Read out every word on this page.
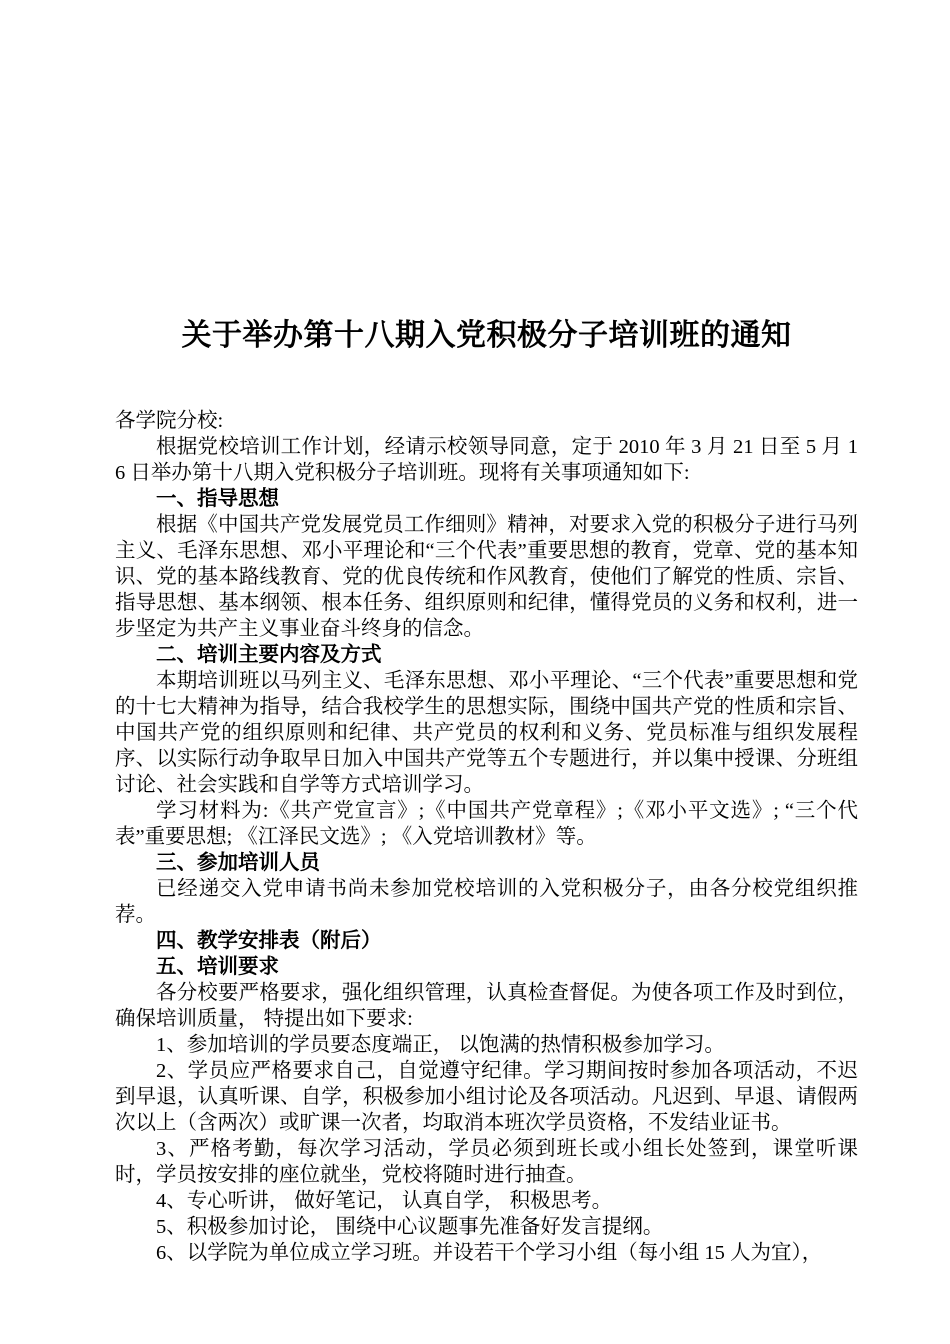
关于举办第十八期入党积极分子培训班的通知

各学院分校:

根据党校培训工作计划，经请示校领导同意，定于 2010 年 3 月 21 日至 5 月 16 日举办第十八期入党积极分子培训班。现将有关事项通知如下:

一、指导思想

根据《中国共产党发展党员工作细则》精神，对要求入党的积极分子进行马列主义、毛泽东思想、邓小平理论和“三个代表”重要思想的教育，党章、党的基本知识、党的基本路线教育、党的优良传统和作风教育，使他们了解党的性质、宗旨、指导思想、基本纲领、根本任务、组织原则和纪律，懂得党员的义务和权利，进一步坚定为共产主义事业奋斗终身的信念。

二、培训主要内容及方式

本期培训班以马列主义、毛泽东思想、邓小平理论、“三个代表”重要思想和党的十七大精神为指导，结合我校学生的思想实际，围绕中国共产党的性质和宗旨、中国共产党的组织原则和纪律、共产党员的权利和义务、党员标准与组织发展程序、以实际行动争取早日加入中国共产党等五个专题进行，并以集中授课、分班组讨论、社会实践和自学等方式培训学习。

学习材料为:《共产党宣言》;《中国共产党章程》;《邓小平文选》; “三个代表”重要思想; 《江泽民文选》; 《入党培训教材》等。

三、参加培训人员

已经递交入党申请书尚未参加党校培训的入党积极分子，由各分校党组织推荐。

四、教学安排表（附后）

五、培训要求

各分校要严格要求，强化组织管理，认真检查督促。为使各项工作及时到位， 确保培训质量， 特提出如下要求:

1、参加培训的学员要态度端正， 以饱满的热情积极参加学习。

2、学员应严格要求自己，自觉遵守纪律。学习期间按时参加各项活动，不迟到早退，认真听课、自学，积极参加小组讨论及各项活动。凡迟到、早退、请假两次以上（含两次）或旷课一次者，均取消本班次学员资格，不发结业证书。

3、严格考勤，每次学习活动，学员必须到班长或小组长处签到，课堂听课时，学员按安排的座位就坐，党校将随时进行抽查。

4、专心听讲， 做好笔记， 认真自学， 积极思考。

5、积极参加讨论， 围绕中心议题事先准备好发言提纲。

6、以学院为单位成立学习班。并设若干个学习小组（每小组 15 人为宜），
